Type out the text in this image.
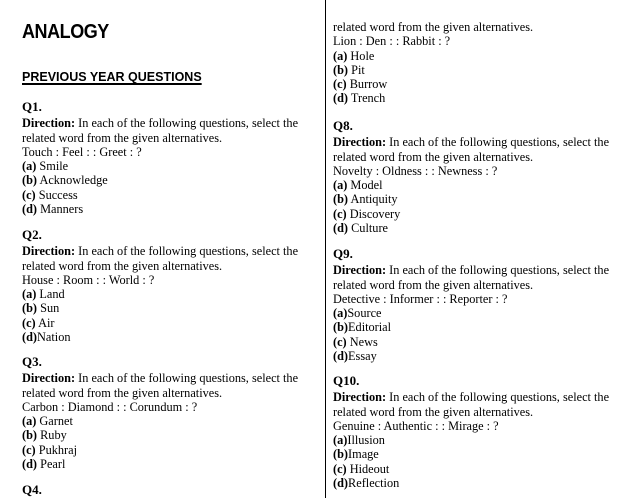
ANALOGY
PREVIOUS YEAR QUESTIONS
Q1.
Direction: In each of the following questions, select the
related word from the given alternatives.
Touch : Feel : : Greet : ?
(a) Smile
(b) Acknowledge
(c) Success
(d) Manners
Q2.
Direction: In each of the following questions, select the
related word from the given alternatives.
House : Room : : World : ?
(a) Land
(b) Sun
(c) Air
(d)Nation
Q3.
Direction: In each of the following questions, select the
related word from the given alternatives.
Carbon : Diamond : : Corundum : ?
(a) Garnet
(b) Ruby
(c) Pukhraj
(d) Pearl
Q4.
related word from the given alternatives.
Lion : Den : : Rabbit : ?
(a) Hole
(b) Pit
(c) Burrow
(d) Trench
Q8.
Direction: In each of the following questions, select the
related word from the given alternatives.
Novelty : Oldness : : Newness : ?
(a) Model
(b) Antiquity
(c) Discovery
(d) Culture
Q9.
Direction: In each of the following questions, select the
related word from the given alternatives.
Detective : Informer : : Reporter : ?
(a)Source
(b)Editorial
(c) News
(d)Essay
Q10.
Direction: In each of the following questions, select the
related word from the given alternatives.
Genuine : Authentic : : Mirage : ?
(a)Illusion
(b)Image
(c) Hideout
(d)Reflection
